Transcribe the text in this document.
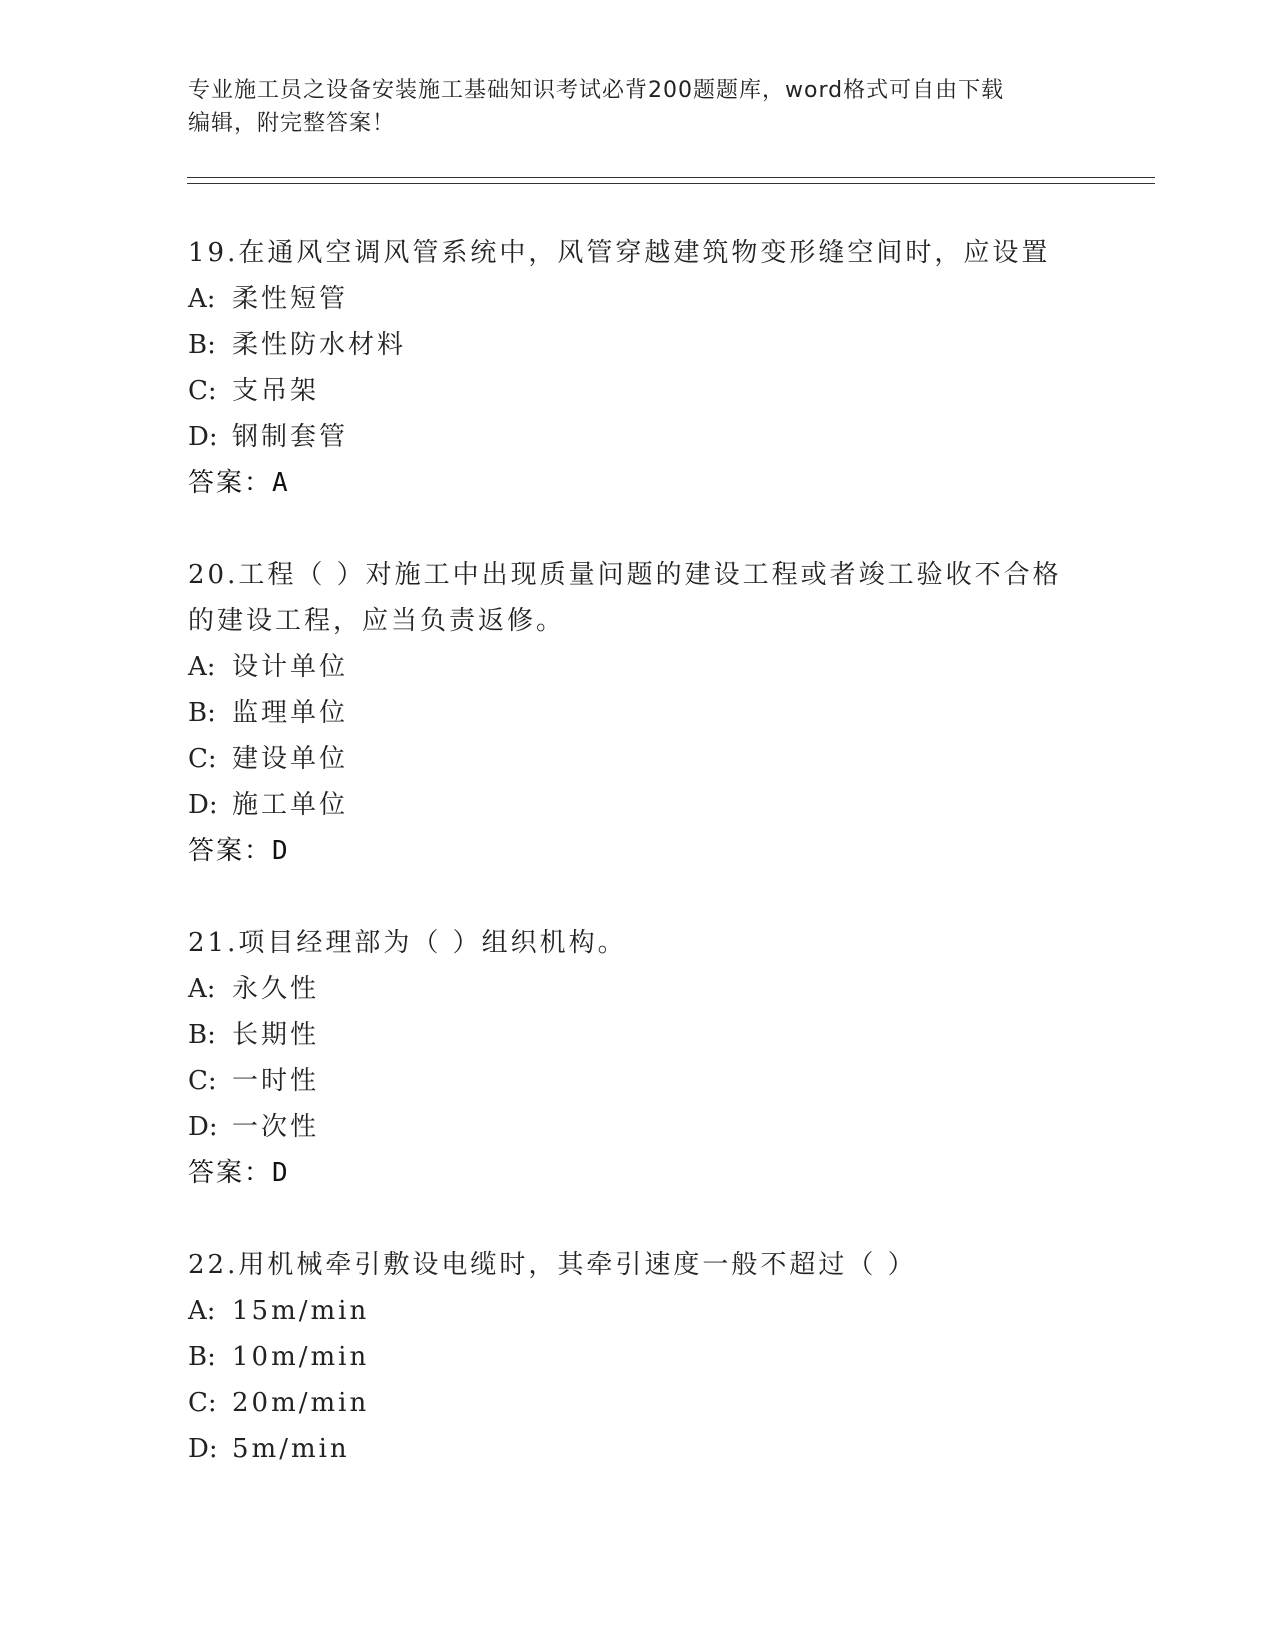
专业施工员之设备安装施工基础知识考试必背200题题库，word格式可自由下载
编辑，附完整答案！
19.在通风空调风管系统中，风管穿越建筑物变形缝空间时，应设置
A: 柔性短管
B: 柔性防水材料
C: 支吊架
D: 钢制套管
答案：A
20.工程（ ）对施工中出现质量问题的建设工程或者竣工验收不合格
的建设工程，应当负责返修。
A: 设计单位
B: 监理单位
C: 建设单位
D: 施工单位
答案：D
21.项目经理部为（ ）组织机构。
A: 永久性
B: 长期性
C: 一时性
D: 一次性
答案：D
22.用机械牵引敷设电缆时，其牵引速度一般不超过（ ）
A: 15m/min
B: 10m/min
C: 20m/min
D: 5m/min
